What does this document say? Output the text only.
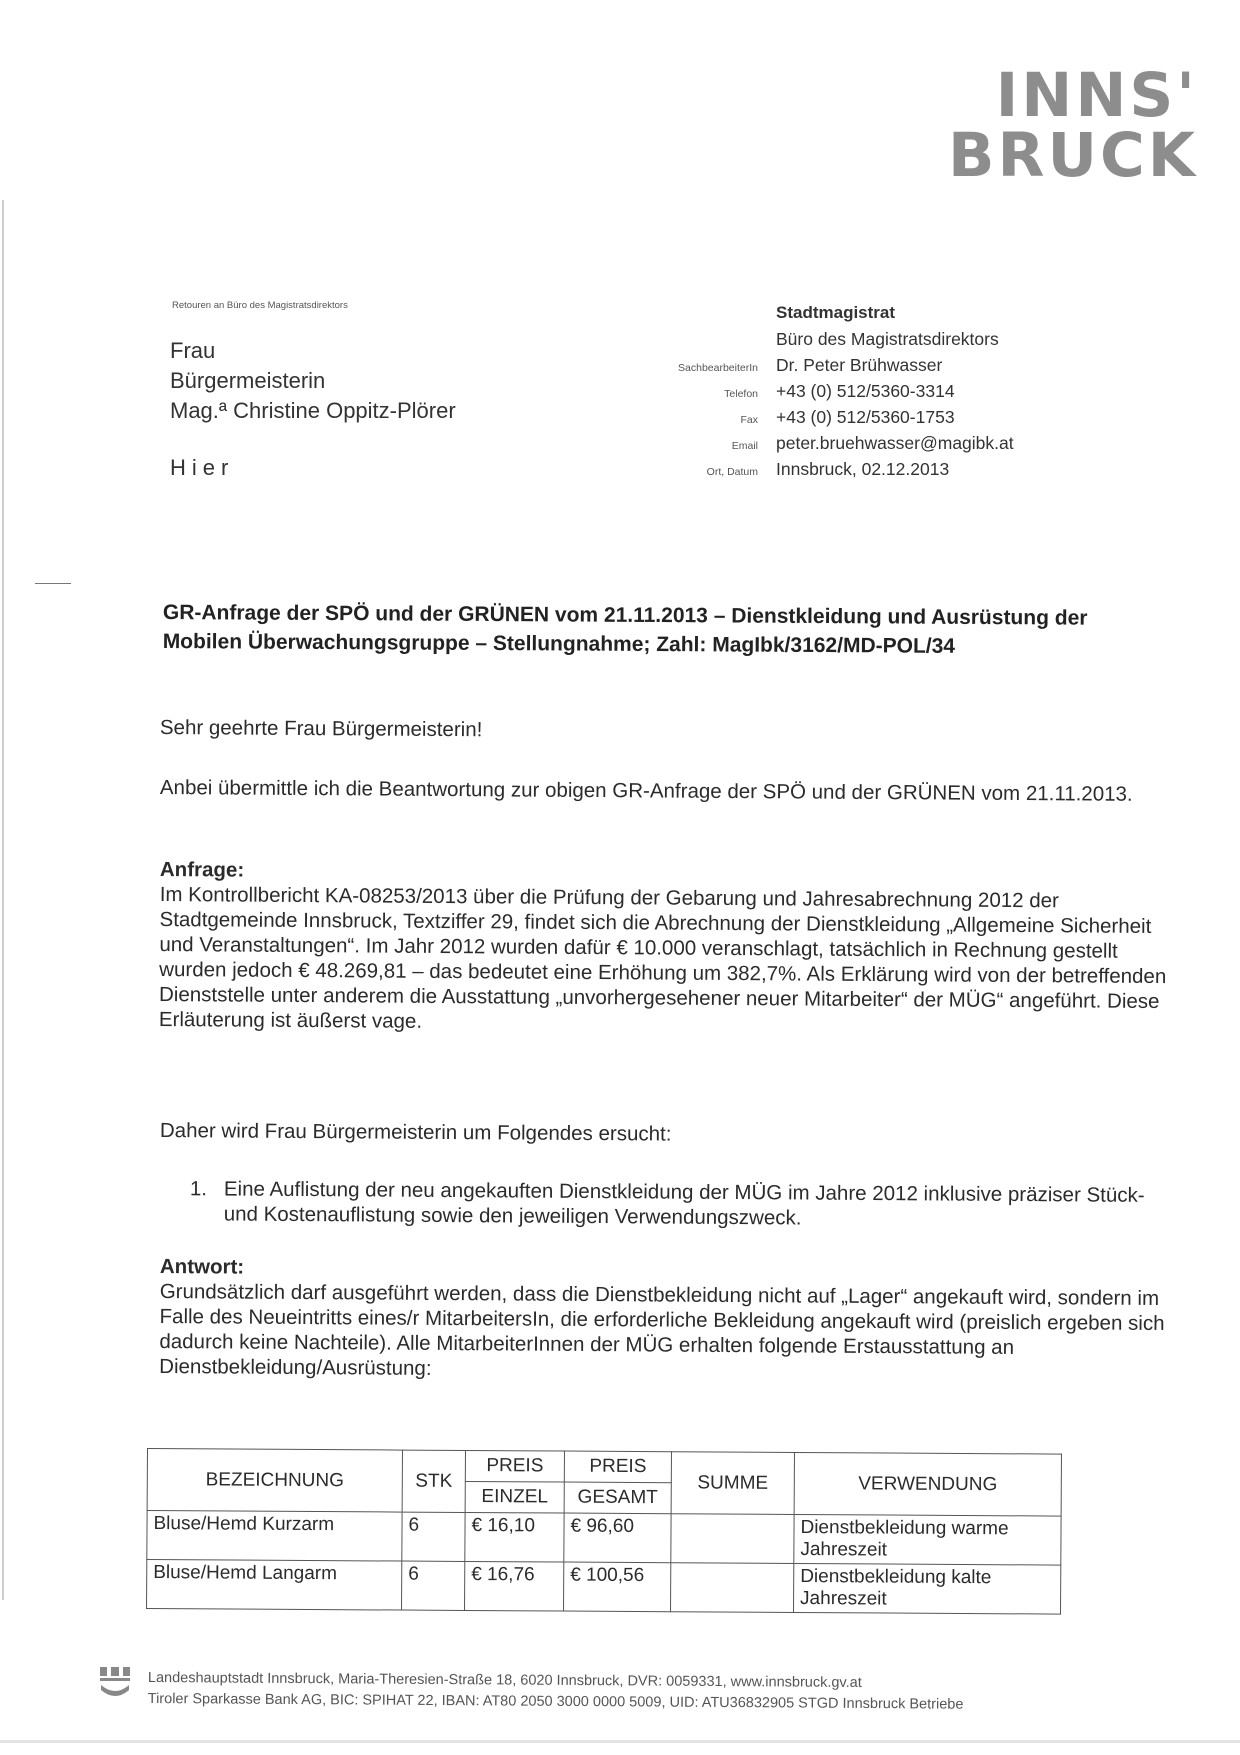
INNS'
BRUCK
Retouren an Büro des Magistratsdirektors
Frau
Bürgermeisterin
Mag.ª Christine Oppitz-Plörer
Hier
Stadtmagistrat
Büro des Magistratsdirektors
SachbearbeiterIn	Dr. Peter Brühwasser
Telefon	+43 (0) 512/5360-3314
Fax	+43 (0) 512/5360-1753
Email	peter.bruehwasser@magibk.at
Ort, Datum	Innsbruck, 02.12.2013
GR-Anfrage der SPÖ und der GRÜNEN vom 21.11.2013 – Dienstkleidung und Ausrüstung der
Mobilen Überwachungsgruppe – Stellungnahme; Zahl: MagIbk/3162/MD-POL/34

Sehr geehrte Frau Bürgermeisterin!

Anbei übermittle ich die Beantwortung zur obigen GR-Anfrage der SPÖ und der GRÜNEN vom 21.11.2013.

Anfrage:

Im Kontrollbericht KA-08253/2013 über die Prüfung der Gebarung und Jahresabrechnung 2012 der Stadtgemeinde Innsbruck, Textziffer 29, findet sich die Abrechnung der Dienstkleidung „Allgemeine Sicherheit und Veranstaltungen“. Im Jahr 2012 wurden dafür € 10.000 veranschlagt, tatsächlich in Rechnung gestellt wurden jedoch € 48.269,81 – das bedeutet eine Erhöhung um 382,7%. Als Erklärung wird von der betreffenden Dienststelle unter anderem die Ausstattung „unvorhergesehener neuer Mitarbeiter“ der MÜG“ angeführt. Diese Erläuterung ist äußerst vage.

Daher wird Frau Bürgermeisterin um Folgendes ersucht:

1. Eine Auflistung der neu angekauften Dienstkleidung der MÜG im Jahre 2012 inklusive präziser Stück- und Kostenauflistung sowie den jeweiligen Verwendungszweck.

Antwort:

Grundsätzlich darf ausgeführt werden, dass die Dienstbekleidung nicht auf „Lager“ angekauft wird, sondern im Falle des Neueintritts eines/r MitarbeitersIn, die erforderliche Bekleidung angekauft wird (preislich ergeben sich dadurch keine Nachteile). Alle MitarbeiterInnen der MÜG erhalten folgende Erstausstattung an Dienstbekleidung/Ausrüstung:

BEZEICHNUNG	STK	PREIS	PREIS	SUMME	VERWENDUNG
		EINZEL	GESAMT		
Bluse/Hemd Kurzarm	6	€ 16,10	€ 96,60		Dienstbekleidung warme
Jahreszeit
Bluse/Hemd Langarm	6	€ 16,76	€ 100,56		Dienstbekleidung kalte
Jahreszeit
Landeshauptstadt Innsbruck, Maria-Theresien-Straße 18, 6020 Innsbruck, DVR: 0059331, www.innsbruck.gv.at
Tiroler Sparkasse Bank AG, BIC: SPIHAT 22, IBAN: AT80 2050 3000 0000 5009, UID: ATU36832905 STGD Innsbruck Betriebe
